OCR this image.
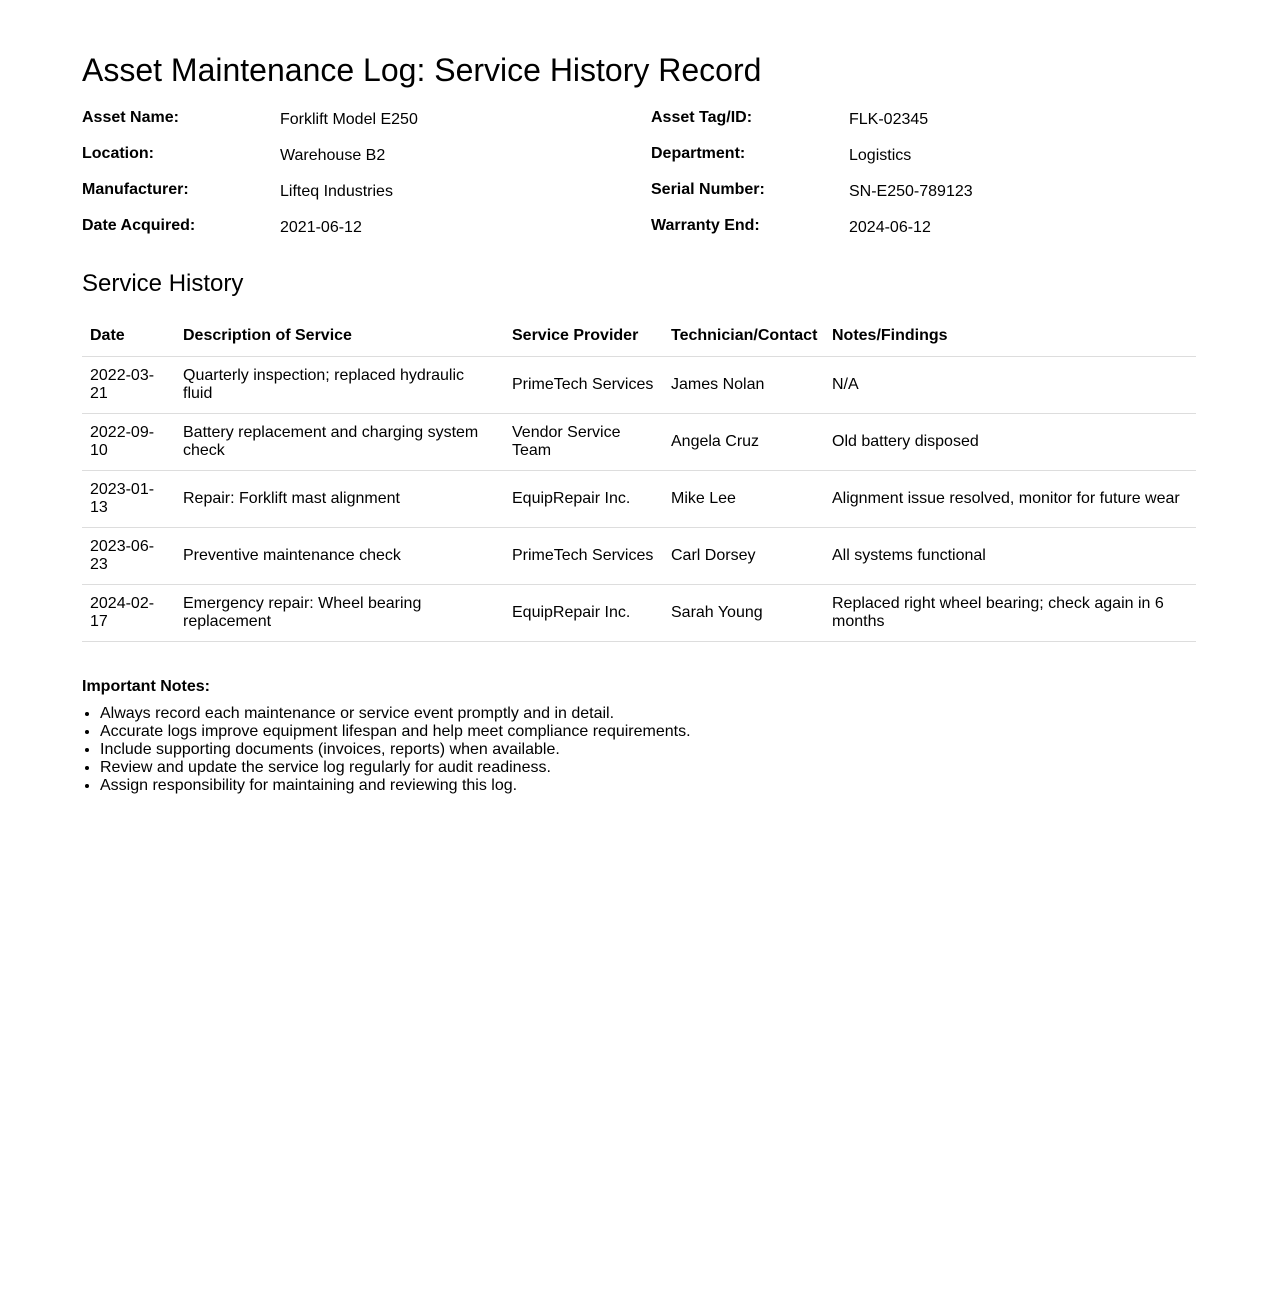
Asset Maintenance Log: Service History Record
Asset Name:	Forklift Model E250	Asset Tag/ID:	FLK-02345
Location:	Warehouse B2	Department:	Logistics
Manufacturer:	Lifteq Industries	Serial Number:	SN-E250-789123
Date Acquired:	2021-06-12	Warranty End:	2024-06-12
Service History
Date	Description of Service	Service Provider	Technician/Contact	Notes/Findings
2022-03-21	Quarterly inspection; replaced hydraulic fluid	PrimeTech Services	James Nolan	N/A
2022-09-10	Battery replacement and charging system check	Vendor Service Team	Angela Cruz	Old battery disposed
2023-01-13	Repair: Forklift mast alignment	EquipRepair Inc.	Mike Lee	Alignment issue resolved, monitor for future wear
2023-06-23	Preventive maintenance check	PrimeTech Services	Carl Dorsey	All systems functional
2024-02-17	Emergency repair: Wheel bearing replacement	EquipRepair Inc.	Sarah Young	Replaced right wheel bearing; check again in 6 months
Important Notes:
• Always record each maintenance or service event promptly and in detail.
• Accurate logs improve equipment lifespan and help meet compliance requirements.
• Include supporting documents (invoices, reports) when available.
• Review and update the service log regularly for audit readiness.
• Assign responsibility for maintaining and reviewing this log.
